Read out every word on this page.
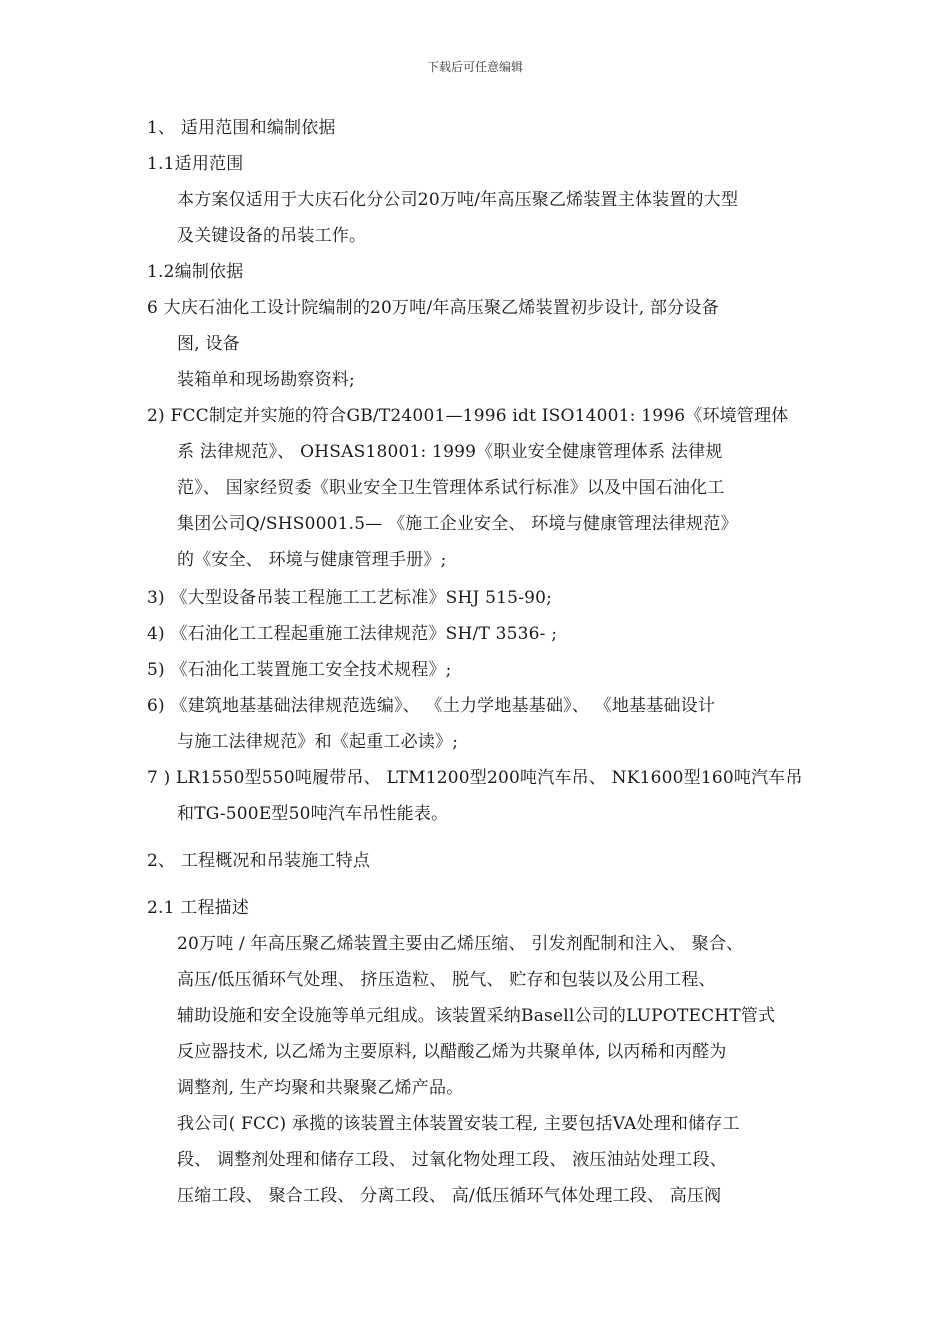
下载后可任意编辑
1、 适用范围和编制依据
1.1适用范围
本方案仅适用于大庆石化分公司20万吨/年高压聚乙烯装置主体装置的大型
及关键设备的吊装工作。
1.2编制依据
6 大庆石油化工设计院编制的20万吨/年高压聚乙烯装置初步设计, 部分设备
图, 设备
装箱单和现场勘察资料;
2) FCC制定并实施的符合GB/T24001—1996 idt ISO14001: 1996《环境管理体
系 法律规范》、 OHSAS18001: 1999《职业安全健康管理体系 法律规
范》、 国家经贸委《职业安全卫生管理体系试行标准》以及中国石油化工
集团公司Q/SHS0001.5— 《施工企业安全、 环境与健康管理法律规范》
的《安全、 环境与健康管理手册》;
3) 《大型设备吊装工程施工工艺标准》SHJ 515-90;
4) 《石油化工工程起重施工法律规范》SH/T 3536- ;
5) 《石油化工装置施工安全技术规程》;
6) 《建筑地基基础法律规范选编》、 《土力学地基基础》、 《地基基础设计
与施工法律规范》和《起重工必读》;
7 ) LR1550型550吨履带吊、 LTM1200型200吨汽车吊、 NK1600型160吨汽车吊
和TG-500E型50吨汽车吊性能表。
2、 工程概况和吊装施工特点
2.1 工程描述
20万吨 / 年高压聚乙烯装置主要由乙烯压缩、 引发剂配制和注入、 聚合、
高压/低压循环气处理、 挤压造粒、 脱气、 贮存和包装以及公用工程、
辅助设施和安全设施等单元组成。该装置采纳Basell公司的LUPOTECHT管式
反应器技术, 以乙烯为主要原料, 以醋酸乙烯为共聚单体, 以丙稀和丙醛为
调整剂, 生产均聚和共聚聚乙烯产品。
我公司( FCC) 承揽的该装置主体装置安装工程, 主要包括VA处理和储存工
段、 调整剂处理和储存工段、 过氧化物处理工段、 液压油站处理工段、
压缩工段、 聚合工段、 分离工段、 高/低压循环气体处理工段、 高压阀
